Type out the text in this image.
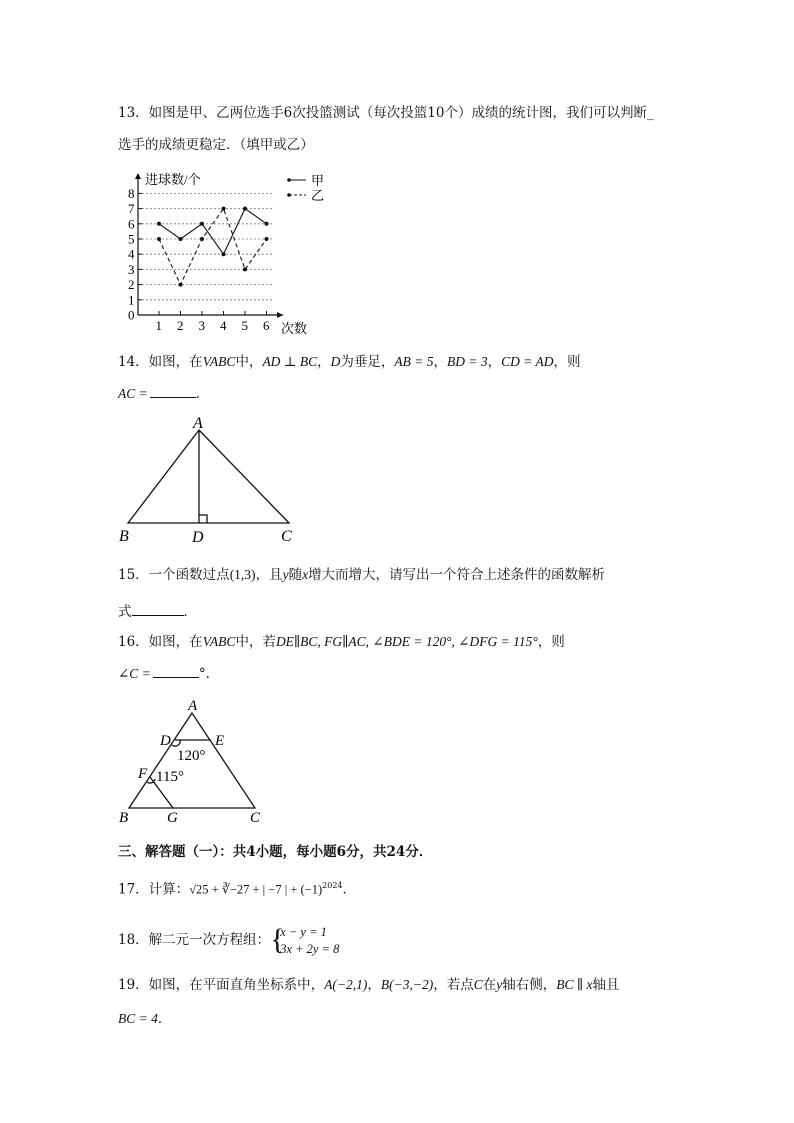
13．如图是甲、乙两位选手6次投篮测试（每次投篮10个）成绩的统计图，我们可以判断_
选手的成绩更稳定．（填甲或乙）
0
1
2
3
4
5
6
7
8
1 2 3 4 5 6
进球数/个
次数
甲
乙
14．如图，在VABC中，AD ⊥ BC，D为垂足，AB = 5，BD = 3，CD = AD，则
AC =	．
A
B	D	C
15．一个函数过点(1,3)，且y随x增大而增大，请写出一个符合上述条件的函数解析
式	．
16．如图，在VABC中，若DE∥BC, FG∥AC, ∠BDE = 120°, ∠DFG = 115°，则
∠C =	°．
A
D	E
120°
F 115°
B	G	C
三、解答题（一）：共4小题，每小题6分，共24分．
17．计算：√25 + ∛−27 + | −7 | + $(-1)^{2024}$．
18．解二元一次方程组： {
x − y = 1
3x + 2y = 8
19．如图，在平面直角坐标系中，A(−2,1)，B(−3,−2)，若点C在y轴右侧，BC ∥ x轴且
BC = 4．
